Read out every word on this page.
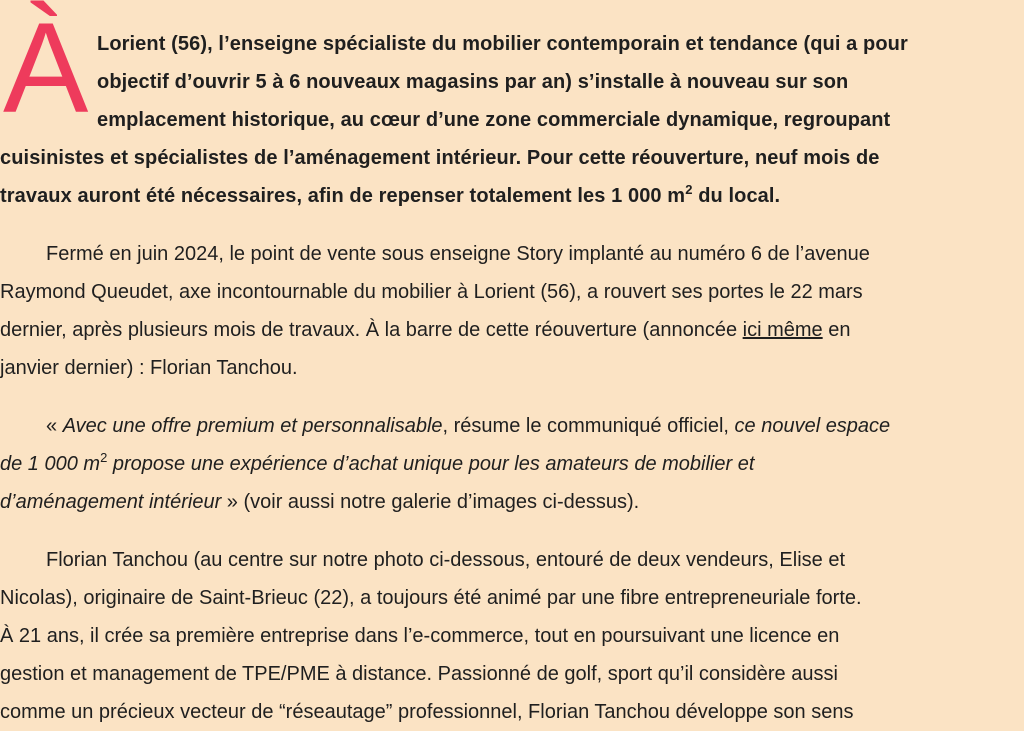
À Lorient (56), l’enseigne spécialiste du mobilier contemporain et tendance (qui a pour
objectif d’ouvrir 5 à 6 nouveaux magasins par an) s’installe à nouveau sur son
emplacement historique, au cœur d’une zone commerciale dynamique, regroupant
cuisinistes et spécialistes de l’aménagement intérieur. Pour cette réouverture, neuf mois de
travaux auront été nécessaires, afin de repenser totalement les 1 000 $m^2$ du local.
Fermé en juin 2024, le point de vente sous enseigne Story implanté au numéro 6 de l’avenue
Raymond Queudet, axe incontournable du mobilier à Lorient (56), a rouvert ses portes le 22 mars
dernier, après plusieurs mois de travaux. À la barre de cette réouverture (annoncée ici même en
janvier dernier) : Florian Tanchou.
« Avec une offre premium et personnalisable, résume le communiqué officiel, ce nouvel espace
de 1 000 $m^2$ propose une expérience d’achat unique pour les amateurs de mobilier et
d’aménagement intérieur » (voir aussi notre galerie d’images ci-dessus).
Florian Tanchou (au centre sur notre photo ci-dessous, entouré de deux vendeurs, Elise et
Nicolas), originaire de Saint-Brieuc (22), a toujours été animé par une fibre entrepreneuriale forte.
À 21 ans, il crée sa première entreprise dans l’e-commerce, tout en poursuivant une licence en
gestion et management de TPE/PME à distance. Passionné de golf, sport qu’il considère aussi
comme un précieux vecteur de “réseautage” professionnel, Florian Tanchou développe son sens
